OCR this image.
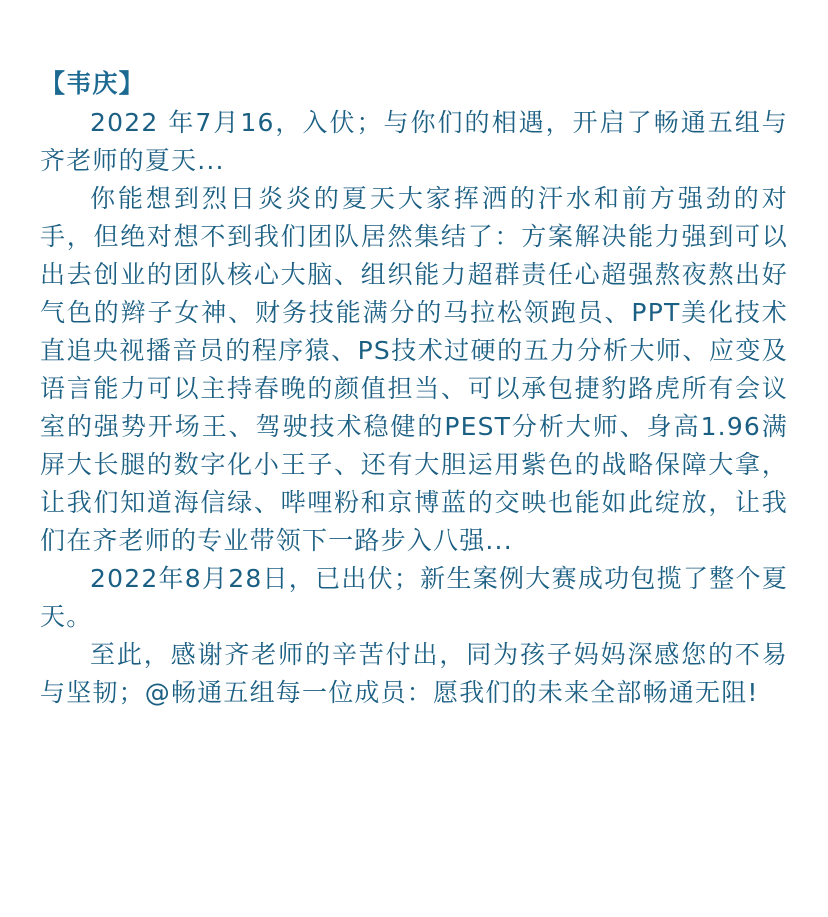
【韦庆】

2022 年7月16，入伏；与你们的相遇，开启了畅通五组与齐老师的夏天...

你能想到烈日炎炎的夏天大家挥洒的汗水和前方强劲的对手，但绝对想不到我们团队居然集结了：方案解决能力强到可以出去创业的团队核心大脑、组织能力超群责任心超强熬夜熬出好气色的辫子女神、财务技能满分的马拉松领跑员、PPT美化技术直追央视播音员的程序猿、PS技术过硬的五力分析大师、应变及语言能力可以主持春晚的颜值担当、可以承包捷豹路虎所有会议室的强势开场王、驾驶技术稳健的PEST分析大师、身高1.96满屏大长腿的数字化小王子、还有大胆运用紫色的战略保障大拿，让我们知道海信绿、哔哩粉和京博蓝的交映也能如此绽放，让我们在齐老师的专业带领下一路步入八强...

2022年8月28日，已出伏；新生案例大赛成功包揽了整个夏天。

至此，感谢齐老师的辛苦付出，同为孩子妈妈深感您的不易与坚韧；@畅通五组每一位成员：愿我们的未来全部畅通无阻!
